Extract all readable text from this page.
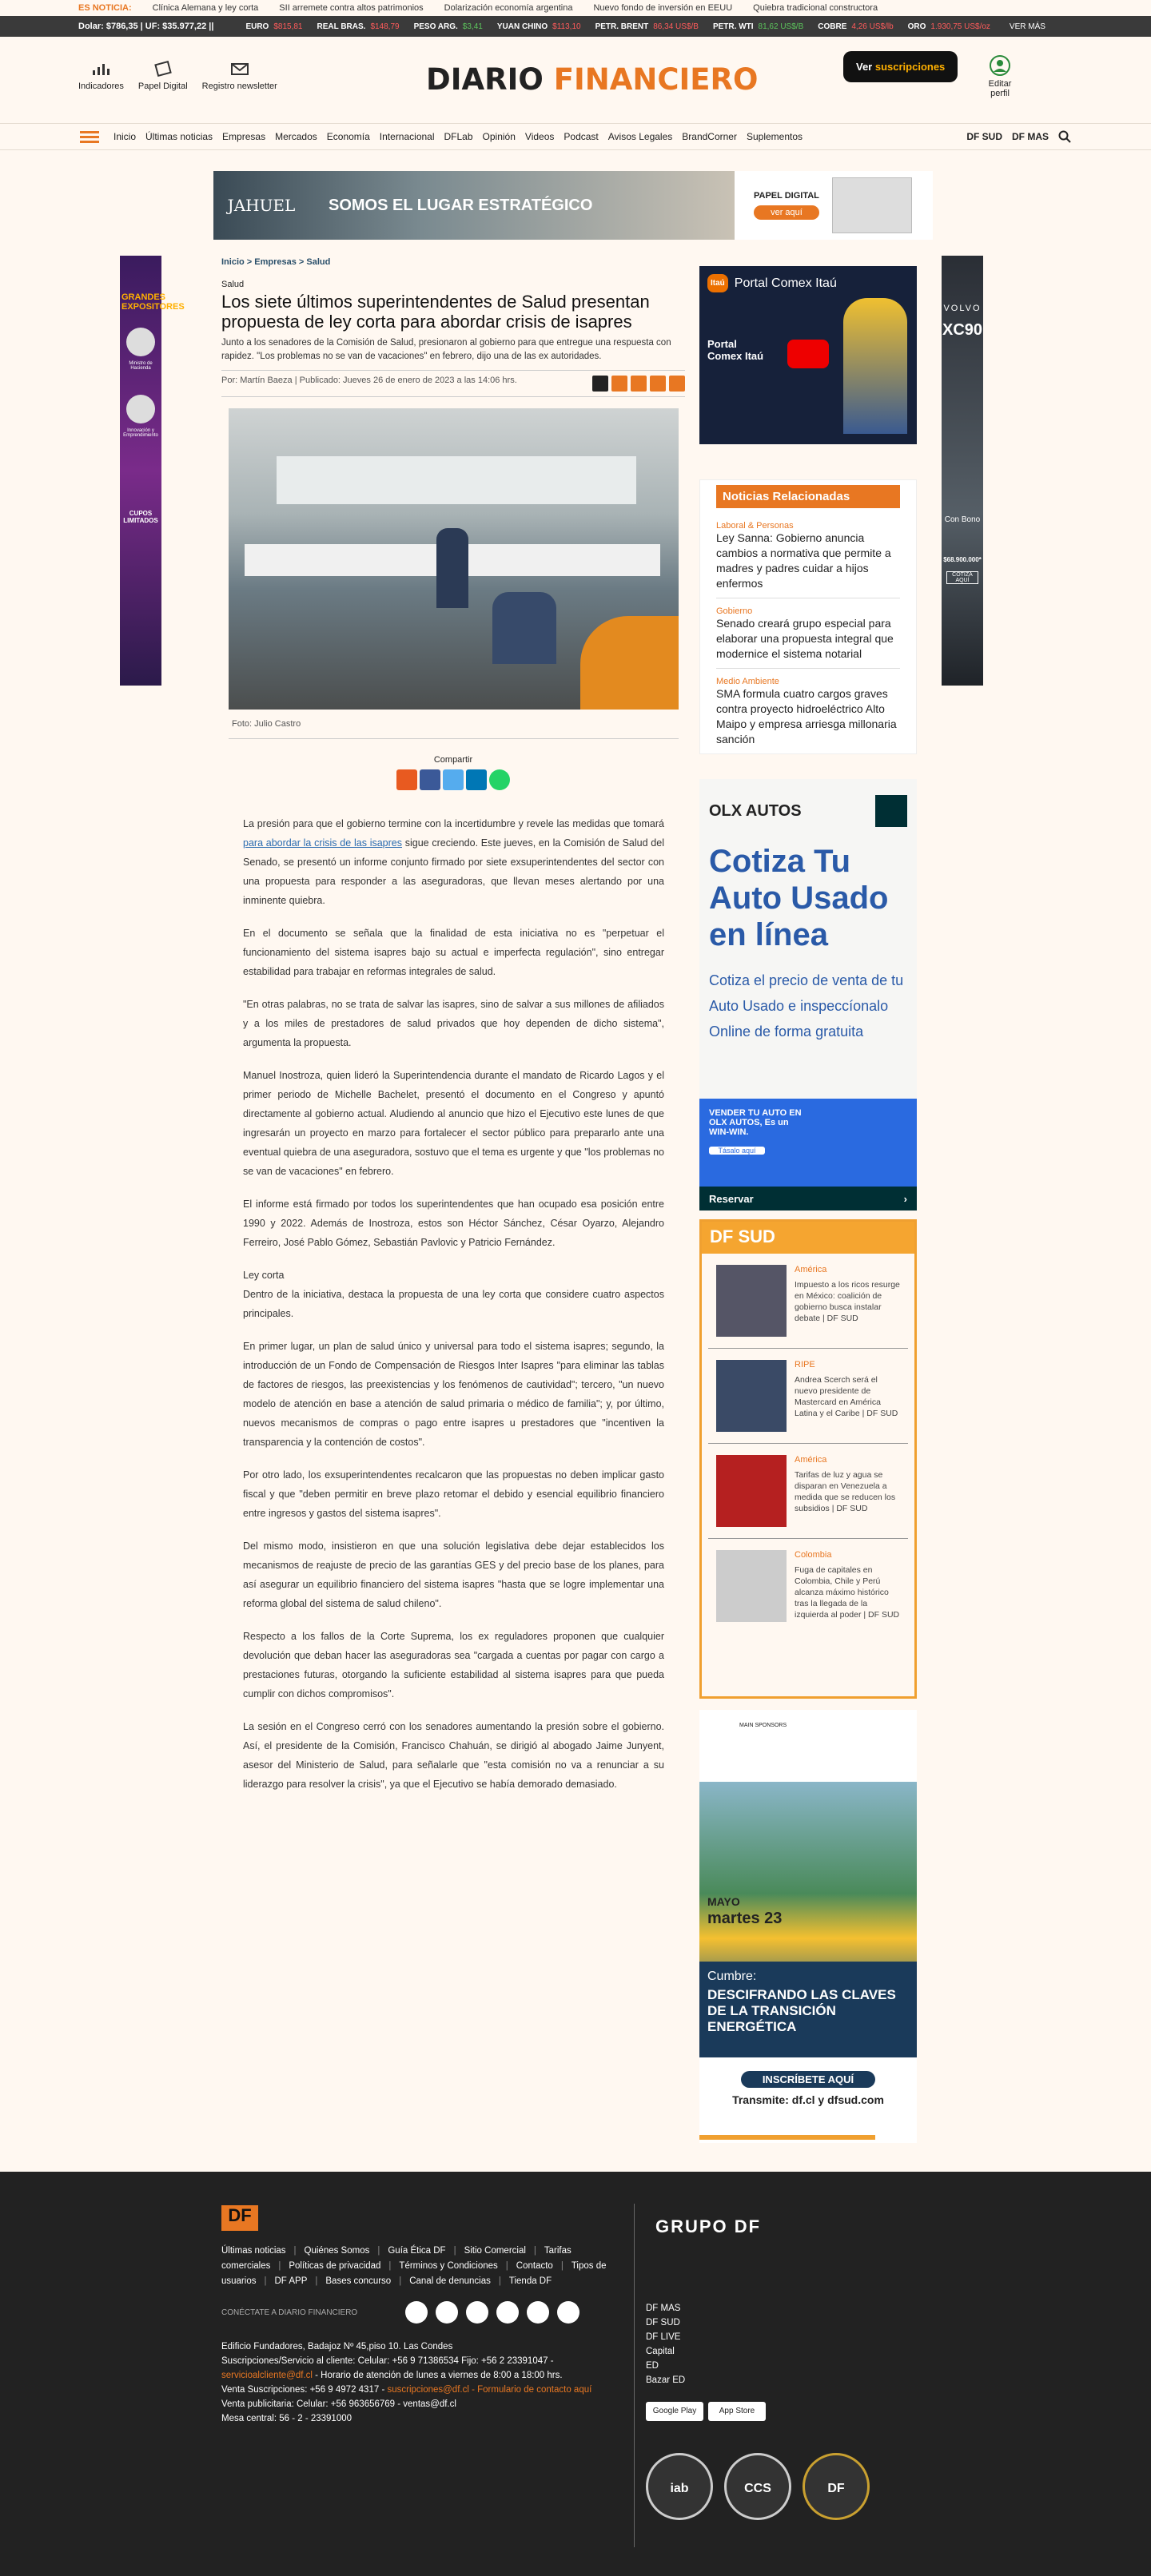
ES NOTICIA: Clínica Alemana y ley corta SII arremete contra altos patrimonios Dolarización economía argentina Nuevo fondo de inversión en EEUU Quiebra tradicional constructora
Dolar: $786,35 | UF: $35.977,22 ||	EURO $815,81 REAL BRAS. $148,79 PESO ARG. $3,41 YUAN CHINO $113,10 PETR. BRENT 86,34 US$/B PETR. WTI 81,62 US$/B COBRE 4,26 US$/lb ORO 1.930,75 US$/oz VER MÁS
Indicadores Papel Digital Registro newsletter	DIARIO FINANCIERO	Ver suscripciones
Editar perfil
Inicio Últimas noticias Empresas Mercados Economía Internacional DFLab Opinión Videos Podcast Avisos Legales BrandCorner Suplementos	DF SUD DF MAS
JAHUEL	SOMOS EL LUGAR ESTRATÉGICO
PAPEL DIGITAL
ver aquí
GRANDES EXPOSITORES
Ministro de Hacienda
Innovación y Emprendimiento
CUPOS LIMITADOS
VOLVO
XC90
Con Bono
$68.900.000*
COTIZA AQUÍ
Inicio > Empresas > Salud
Salud
Los siete últimos superintendentes de Salud presentan propuesta de ley corta para abordar crisis de isapres
Junto a los senadores de la Comisión de Salud, presionaron al gobierno para que entregue una respuesta con rapidez. "Los problemas no se van de vacaciones" en febrero, dijo una de las ex autoridades.
Por: Martín Baeza | Publicado: Jueves 26 de enero de 2023 a las 14:06 hrs.
Foto: Julio Castro
Compartir

La presión para que el gobierno termine con la incertidumbre y revele las medidas que tomará para abordar la crisis de las isapres sigue creciendo. Este jueves, en la Comisión de Salud del Senado, se presentó un informe conjunto firmado por siete exsuperintendentes del sector con una propuesta para responder a las aseguradoras, que llevan meses alertando por una inminente quiebra.

En el documento se señala que la finalidad de esta iniciativa no es "perpetuar el funcionamiento del sistema isapres bajo su actual e imperfecta regulación", sino entregar estabilidad para trabajar en reformas integrales de salud.

"En otras palabras, no se trata de salvar las isapres, sino de salvar a sus millones de afiliados y a los miles de prestadores de salud privados que hoy dependen de dicho sistema", argumenta la propuesta.

Manuel Inostroza, quien lideró la Superintendencia durante el mandato de Ricardo Lagos y el primer periodo de Michelle Bachelet, presentó el documento en el Congreso y apuntó directamente al gobierno actual. Aludiendo al anuncio que hizo el Ejecutivo este lunes de que ingresarán un proyecto en marzo para fortalecer el sector público para prepararlo ante una eventual quiebra de una aseguradora, sostuvo que el tema es urgente y que "los problemas no se van de vacaciones" en febrero.

El informe está firmado por todos los superintendentes que han ocupado esa posición entre 1990 y 2022. Además de Inostroza, estos son Héctor Sánchez, César Oyarzo, Alejandro Ferreiro, José Pablo Gómez, Sebastián Pavlovic y Patricio Fernández.

Ley corta

Dentro de la iniciativa, destaca la propuesta de una ley corta que considere cuatro aspectos principales.

En primer lugar, un plan de salud único y universal para todo el sistema isapres; segundo, la introducción de un Fondo de Compensación de Riesgos Inter Isapres "para eliminar las tablas de factores de riesgos, las preexistencias y los fenómenos de cautividad"; tercero, "un nuevo modelo de atención en base a atención de salud primaria o médico de familia"; y, por último, nuevos mecanismos de compras o pago entre isapres u prestadores que "incentiven la transparencia y la contención de costos".

Por otro lado, los exsuperintendentes recalcaron que las propuestas no deben implicar gasto fiscal y que "deben permitir en breve plazo retomar el debido y esencial equilibrio financiero entre ingresos y gastos del sistema isapres".

Del mismo modo, insistieron en que una solución legislativa debe dejar establecidos los mecanismos de reajuste de precio de las garantías GES y del precio base de los planes, para así asegurar un equilibrio financiero del sistema isapres "hasta que se logre implementar una reforma global del sistema de salud chileno".

Respecto a los fallos de la Corte Suprema, los ex reguladores proponen que cualquier devolución que deban hacer las aseguradoras sea "cargada a cuentas por pagar con cargo a prestaciones futuras, otorgando la suficiente estabilidad al sistema isapres para que pueda cumplir con dichos compromisos".

La sesión en el Congreso cerró con los senadores aumentando la presión sobre el gobierno. Así, el presidente de la Comisión, Francisco Chahuán, se dirigió al abogado Jaime Junyent, asesor del Ministerio de Salud, para señalarle que "esta comisión no va a renunciar a su liderazgo para resolver la crisis", ya que el Ejecutivo se había demorado demasiado.

Itaú Portal Comex Itaú
Portal Comex Itaú
Noticias Relacionadas
Laboral & Personas
Ley Sanna: Gobierno anuncia cambios a normativa que permite a madres y padres cuidar a hijos enfermos
Gobierno
Senado creará grupo especial para elaborar una propuesta integral que modernice el sistema notarial
Medio Ambiente
SMA formula cuatro cargos graves contra proyecto hidroeléctrico Alto Maipo y empresa arriesga millonaria sanción
OLX AUTOS
Cotiza Tu Auto Usado en línea
Cotiza el precio de venta de tu Auto Usado e inspeccíonalo Online de forma gratuita
VENDER TU AUTO EN OLX AUTOS, Es un WIN-WIN.
Tásalo aquí
Reservar	›
DF SUD
América
Impuesto a los ricos resurge en México: coalición de gobierno busca instalar debate | DF SUD
RIPE
Andrea Scerch será el nuevo presidente de Mastercard en América Latina y el Caribe | DF SUD
América
Tarifas de luz y agua se disparan en Venezuela a medida que se reducen los subsidios | DF SUD
Colombia
Fuga de capitales en Colombia, Chile y Perú alcanza máximo histórico tras la llegada de la izquierda al poder | DF SUD
MAIN SPONSORS
MAYO
martes 23
Cumbre:
DESCIFRANDO LAS CLAVES DE LA TRANSICIÓN ENERGÉTICA
INSCRÍBETE AQUÍ
Transmite: df.cl y dfsud.com
DF
Últimas noticias | Quiénes Somos | Guía Ética DF | Sitio Comercial | Tarifas comerciales | Políticas de privacidad | Términos y Condiciones | Contacto | Tipos de usuarios | DF APP | Bases concurso | Canal de denuncias | Tienda DF
CONÉCTATE A DIARIO FINANCIERO
Edificio Fundadores, Badajoz Nº 45,piso 10. Las Condes
Suscripciones/Servicio al cliente: Celular: +56 9 71386534 Fijo: +56 2 23391047 -
servicioalcliente@df.cl - Horario de atención de lunes a viernes de 8:00 a 18:00 hrs.
Venta Suscripciones: +56 9 4972 4317 - suscripciones@df.cl - Formulario de contacto aquí
Venta publicitaria: Celular: +56 963656769 - ventas@df.cl
Mesa central: 56 - 2 - 23391000
GRUPO DF
DF MAS
DF SUD
DF LIVE
Capital
ED
Bazar ED
Google Play	App Store
iab	CCS	DF
